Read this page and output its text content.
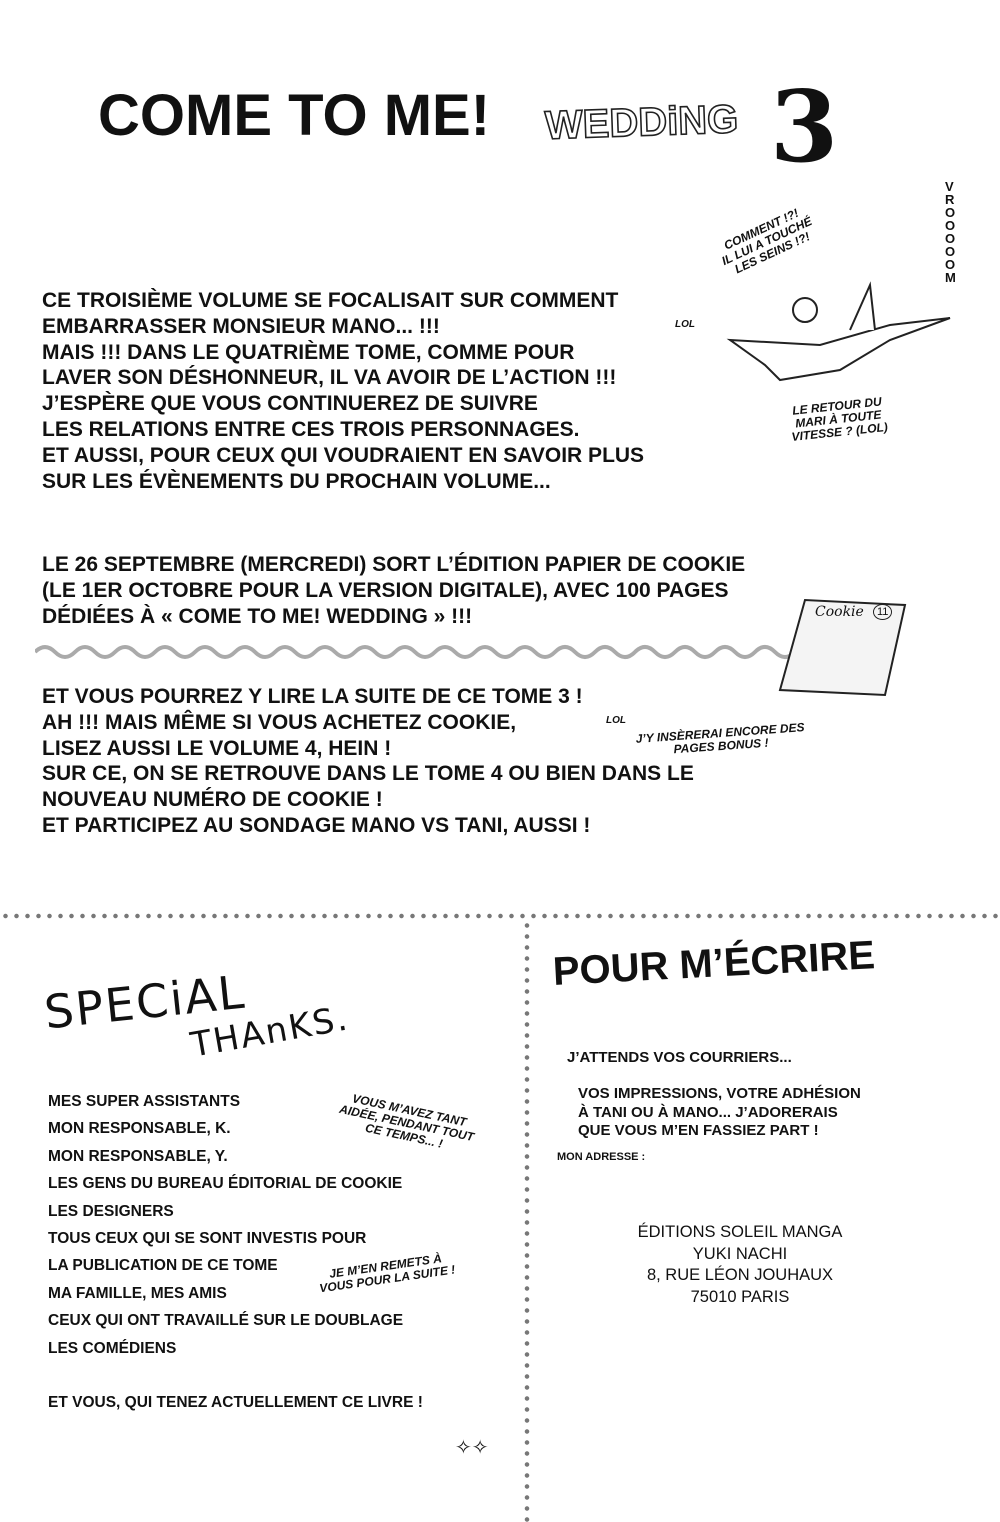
COME TO ME! WEDDiNG 3
CE TROISIÈME VOLUME SE FOCALISAIT SUR COMMENT
EMBARRASSER MONSIEUR MANO... !!!
MAIS !!! DANS LE QUATRIÈME TOME, COMME POUR
LAVER SON DÉSHONNEUR, IL VA AVOIR DE L’ACTION !!!
J’ESPÈRE QUE VOUS CONTINUEREZ DE SUIVRE
LES RELATIONS ENTRE CES TROIS PERSONNAGES.
ET AUSSI, POUR CEUX QUI VOUDRAIENT EN SAVOIR PLUS
SUR LES ÉVÈNEMENTS DU PROCHAIN VOLUME...
LOL
COMMENT !?!
IL LUI A TOUCHÉ
LES SEINS !?!
LE RETOUR DU
MARI À TOUTE
VITESSE ? (LOL)
VROOOOOM
LE 26 SEPTEMBRE (MERCREDI) SORT L’ÉDITION PAPIER DE COOKIE
(LE 1ER OCTOBRE POUR LA VERSION DIGITALE), AVEC 100 PAGES
DÉDIÉES À « COME TO ME! WEDDING » !!!	Cookie	11
ET VOUS POURREZ Y LIRE LA SUITE DE CE TOME 3 !
AH !!! MAIS MÊME SI VOUS ACHETEZ COOKIE,
LISEZ AUSSI LE VOLUME 4, HEIN !
SUR CE, ON SE RETROUVE DANS LE TOME 4 OU BIEN DANS LE
NOUVEAU NUMÉRO DE COOKIE !
ET PARTICIPEZ AU SONDAGE MANO VS TANI, AUSSI !
LOL J’Y INSÈRERAI ENCORE DES
PAGES BONUS !
SPECiAL
THAnKS.
MES SUPER ASSISTANTS
MON RESPONSABLE, K.
MON RESPONSABLE, Y.
LES GENS DU BUREAU ÉDITORIAL DE COOKIE
LES DESIGNERS
TOUS CEUX QUI SE SONT INVESTIS POUR
LA PUBLICATION DE CE TOME
MA FAMILLE, MES AMIS
CEUX QUI ONT TRAVAILLÉ SUR LE DOUBLAGE
LES COMÉDIENS
ET VOUS, QUI TENEZ ACTUELLEMENT CE LIVRE !
VOUS M’AVEZ TANT
AIDÉE, PENDANT TOUT
CE TEMPS... !
JE M’EN REMETS À
VOUS POUR LA SUITE !
✧✧
POUR M’ÉCRIRE
J’ATTENDS VOS COURRIERS...
VOS IMPRESSIONS, VOTRE ADHÉSION
À TANI OU À MANO... J’ADORERAIS
QUE VOUS M’EN FASSIEZ PART !
MON ADRESSE :
ÉDITIONS SOLEIL MANGA
YUKI NACHI
8, RUE LÉON JOUHAUX
75010 PARIS
